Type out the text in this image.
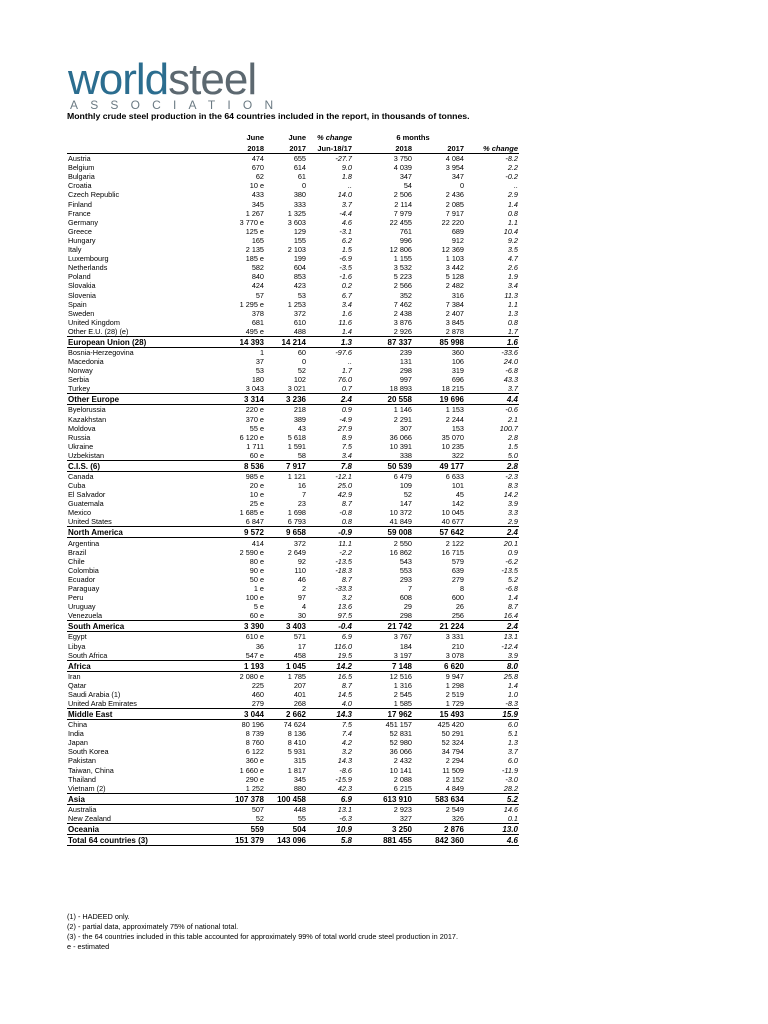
worldsteel
ASSOCIATION
Monthly crude steel production in the 64 countries included in the report, in thousands of tonnes.
	June	June	% change		6 months		
	2018	2017	Jun-18/17		2018	2017	% change
Austria	474	655	-27.7		3 750	4 084	-8.2
Belgium	670	614	9.0		4 039	3 954	2.2
Bulgaria	62	61	1.8		347	347	-0.2
Croatia	10 e	0	..		54	0	..
Czech Republic	433	380	14.0		2 506	2 436	2.9
Finland	345	333	3.7		2 114	2 085	1.4
France	1 267	1 325	-4.4		7 979	7 917	0.8
Germany	3 770 e	3 603	4.6		22 455	22 220	1.1
Greece	125 e	129	-3.1		761	689	10.4
Hungary	165	155	6.2		996	912	9.2
Italy	2 135	2 103	1.5		12 806	12 369	3.5
Luxembourg	185 e	199	-6.9		1 155	1 103	4.7
Netherlands	582	604	-3.5		3 532	3 442	2.6
Poland	840	853	-1.6		5 223	5 128	1.9
Slovakia	424	423	0.2		2 566	2 482	3.4
Slovenia	57	53	6.7		352	316	11.3
Spain	1 295 e	1 253	3.4		7 462	7 384	1.1
Sweden	378	372	1.6		2 438	2 407	1.3
United Kingdom	681	610	11.6		3 876	3 845	0.8
Other E.U. (28) (e)	495 e	488	1.4		2 926	2 878	1.7
European Union (28)	14 393	14 214	1.3		87 337	85 998	1.6
Bosnia-Herzegovina	1	60	-97.6		239	360	-33.6
Macedonia	37	0	..		131	106	24.0
Norway	53	52	1.7		298	319	-6.8
Serbia	180	102	76.0		997	696	43.3
Turkey	3 043	3 021	0.7		18 893	18 215	3.7
Other Europe	3 314	3 236	2.4		20 558	19 696	4.4
Byelorussia	220 e	218	0.9		1 146	1 153	-0.6
Kazakhstan	370 e	389	-4.9		2 291	2 244	2.1
Moldova	55 e	43	27.9		307	153	100.7
Russia	6 120 e	5 618	8.9		36 066	35 070	2.8
Ukraine	1 711	1 591	7.5		10 391	10 235	1.5
Uzbekistan	60 e	58	3.4		338	322	5.0
C.I.S. (6)	8 536	7 917	7.8		50 539	49 177	2.8
Canada	985 e	1 121	-12.1		6 479	6 633	-2.3
Cuba	20 e	16	25.0		109	101	8.3
El Salvador	10 e	7	42.9		52	45	14.2
Guatemala	25 e	23	8.7		147	142	3.9
Mexico	1 685 e	1 698	-0.8		10 372	10 045	3.3
United States	6 847	6 793	0.8		41 849	40 677	2.9
North America	9 572	9 658	-0.9		59 008	57 642	2.4
Argentina	414	372	11.1		2 550	2 122	20.1
Brazil	2 590 e	2 649	-2.2		16 862	16 715	0.9
Chile	80 e	92	-13.5		543	579	-6.2
Colombia	90 e	110	-18.3		553	639	-13.5
Ecuador	50 e	46	8.7		293	279	5.2
Paraguay	1 e	2	-33.3		7	8	-6.8
Peru	100 e	97	3.2		608	600	1.4
Uruguay	5 e	4	13.6		29	26	8.7
Venezuela	60 e	30	97.5		298	256	16.4
South America	3 390	3 403	-0.4		21 742	21 224	2.4
Egypt	610 e	571	6.9		3 767	3 331	13.1
Libya	36	17	116.0		184	210	-12.4
South Africa	547 e	458	19.5		3 197	3 078	3.9
Africa	1 193	1 045	14.2		7 148	6 620	8.0
Iran	2 080 e	1 785	16.5		12 516	9 947	25.8
Qatar	225	207	8.7		1 316	1 298	1.4
Saudi Arabia (1)	460	401	14.5		2 545	2 519	1.0
United Arab Emirates	279	268	4.0		1 585	1 729	-8.3
Middle East	3 044	2 662	14.3		17 962	15 493	15.9
China	80 196	74 624	7.5		451 157	425 420	6.0
India	8 739	8 136	7.4		52 831	50 291	5.1
Japan	8 760	8 410	4.2		52 980	52 324	1.3
South Korea	6 122	5 931	3.2		36 066	34 794	3.7
Pakistan	360 e	315	14.3		2 432	2 294	6.0
Taiwan, China	1 660 e	1 817	-8.6		10 141	11 509	-11.9
Thailand	290 e	345	-15.9		2 088	2 152	-3.0
Vietnam (2)	1 252	880	42.3		6 215	4 849	28.2
Asia	107 378	100 458	6.9		613 910	583 634	5.2
Australia	507	448	13.1		2 923	2 549	14.6
New Zealand	52	55	-6.3		327	326	0.1
Oceania	559	504	10.9		3 250	2 876	13.0
Total 64 countries (3)	151 379	143 096	5.8		881 455	842 360	4.6
(1) - HADEED only.
(2) - partial data, approximately 75% of national total.
(3) - the 64 countries included in this table accounted for approximately 99% of total world crude steel production in 2017.
e - estimated
